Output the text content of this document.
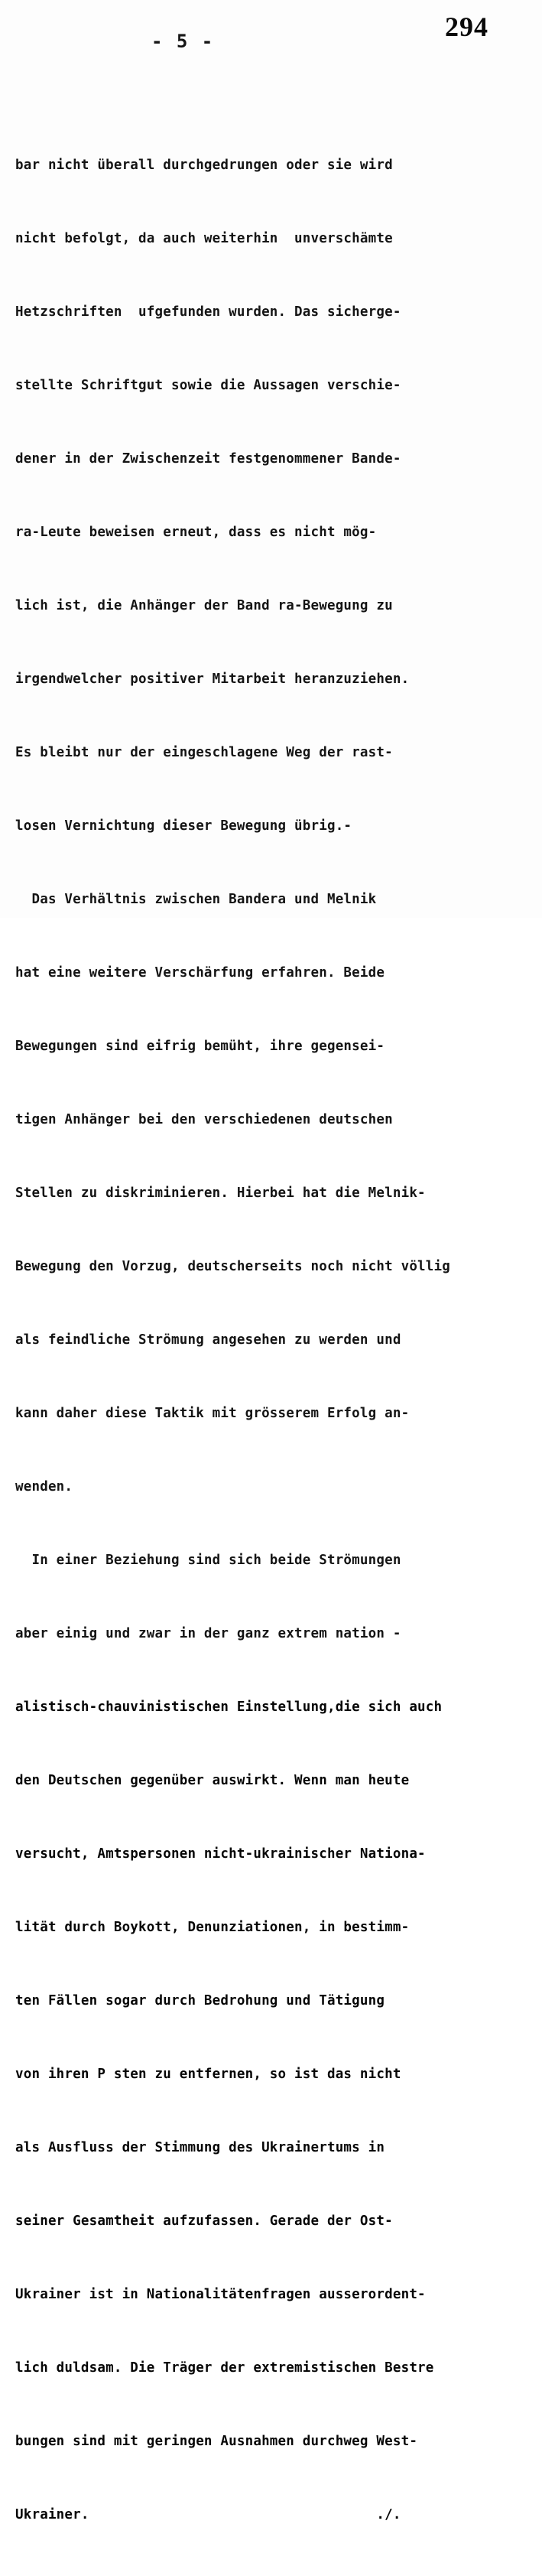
294
- 5 -

bar nicht überall durchgedrungen oder sie wird

nicht befolgt, da auch weiterhin  unverschämte

Hetzschriften  ufgefunden wurden. Das sicherge-

stellte Schriftgut sowie die Aussagen verschie-

dener in der Zwischenzeit festgenommener Bande-

ra-Leute beweisen erneut, dass es nicht mög-

lich ist, die Anhänger der Band ra-Bewegung zu

irgendwelcher positiver Mitarbeit heranzuziehen.

Es bleibt nur der eingeschlagene Weg der rast-

losen Vernichtung dieser Bewegung übrig.-

Das Verhältnis zwischen Bandera und Melnik

hat eine weitere Verschärfung erfahren. Beide

Bewegungen sind eifrig bemüht, ihre gegensei-

tigen Anhänger bei den verschiedenen deutschen

Stellen zu diskriminieren. Hierbei hat die Melnik-

Bewegung den Vorzug, deutscherseits noch nicht völlig

als feindliche Strömung angesehen zu werden und

kann daher diese Taktik mit grösserem Erfolg an-

wenden.

In einer Beziehung sind sich beide Strömungen

aber einig und zwar in der ganz extrem nation -

alistisch-chauvinistischen Einstellung,die sich auch

den Deutschen gegenüber auswirkt. Wenn man heute

versucht, Amtspersonen nicht-ukrainischer Nationa-

lität durch Boykott, Denunziationen, in bestimm-

ten Fällen sogar durch Bedrohung und Tätigung

von ihren P sten zu entfernen, so ist das nicht

als Ausfluss der Stimmung des Ukrainertums in

seiner Gesamtheit aufzufassen. Gerade der Ost-

Ukrainer ist in Nationalitätenfragen ausserordent-

lich duldsam. Die Träger der extremistischen Bestre

bungen sind mit geringen Ausnahmen durchweg West-

Ukrainer.                                   ./.
